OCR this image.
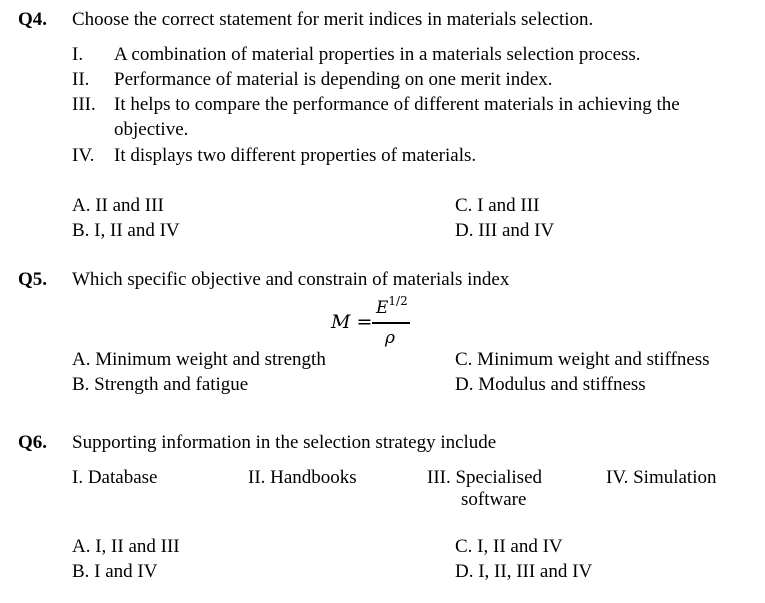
Q4. Choose the correct statement for merit indices in materials selection.
I. A combination of material properties in a materials selection process.
II. Performance of material is depending on one merit index.
III. It helps to compare the performance of different materials in achieving the
objective.
IV. It displays two different properties of materials.
A. II and III
B. I, II and IV
C. I and III
D. III and IV
Q5. Which specific objective and constrain of materials index
M =
$E^{1/2}$
ρ
A. Minimum weight and strength
B. Strength and fatigue
C. Minimum weight and stiffness
D. Modulus and stiffness
Q6. Supporting information in the selection strategy include
I. Database	II. Handbooks	III. Specialised
software
IV. Simulation
A. I, II and III
B. I and IV
C. I, II and IV
D. I, II, III and IV
